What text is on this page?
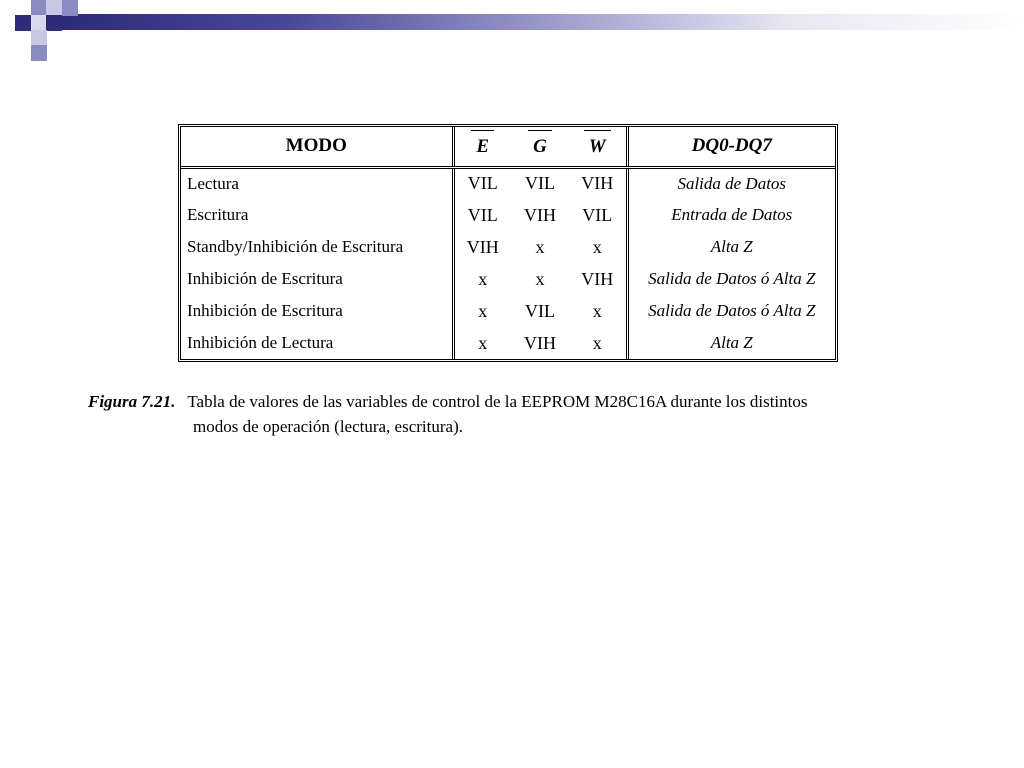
MODO	E	G	W	DQ0-DQ7
Lectura	VIL	VIL	VIH	Salida de Datos
Escritura	VIL	VIH	VIL	Entrada de Datos
Standby/Inhibición de Escritura	VIH	x	x	Alta Z
Inhibición de Escritura	x	x	VIH	Salida de Datos ó Alta Z
Inhibición de Escritura	x	VIL	x	Salida de Datos ó Alta Z
Inhibición de Lectura	x	VIH	x	Alta Z
Figura 7.21. Tabla de valores de las variables de control de la EEPROM M28C16A durante los distintos
modos de operación (lectura, escritura).
